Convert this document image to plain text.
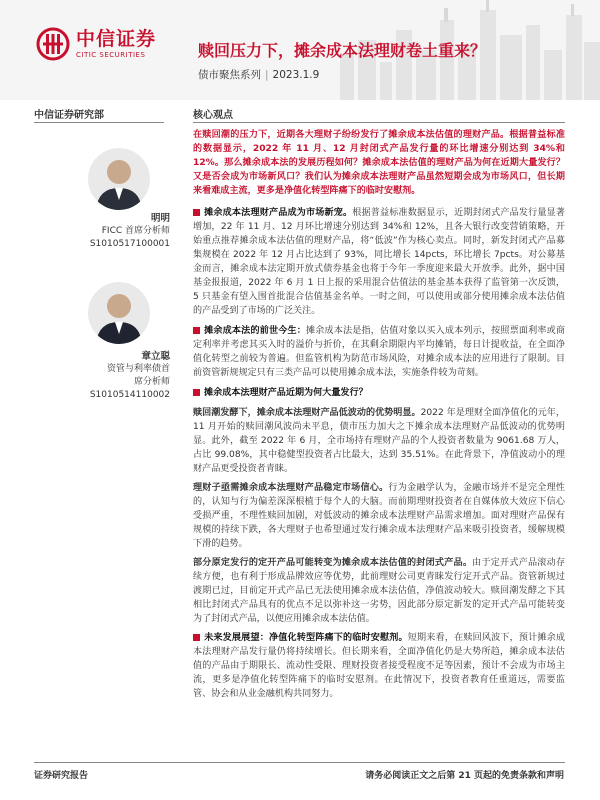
中信证券
CITIC SECURITIES	赎回压力下，摊余成本法理财卷土重来？
债市聚焦系列 | 2023.1.9
中信证券研究部
明明
FICC 首席分析师
S1010517100001
章立聪
资管与利率债首席分析师
S1010514110002
核心观点

在赎回潮的压力下，近期各大理财子纷纷发行了摊余成本法估值的理财产品。根据普益标准的数据显示，2022 年 11 月、12 月封闭式产品发行量的环比增速分别达到 34%和 12%。那么摊余成本法的发展历程如何？摊余成本法估值的理财产品为何在近期大量发行？又是否会成为市场新风口？我们认为摊余成本法理财产品虽然短期会成为市场风口，但长期来看难成主流，更多是净值化转型阵痛下的临时安慰剂。

摊余成本法理财产品成为市场新宠。根据普益标准数据显示，近期封闭式产品发行量显著增加，22 年 11 月、12 月环比增速分别达到 34%和 12%，且各大银行改变营销策略，开始重点推荐摊余成本法估值的理财产品，将“低波”作为核心卖点。同时，新发封闭式产品募集规模在 2022 年 12 月占比达到了 93%，同比增长 14pcts，环比增长 7pcts。对公募基金而言，摊余成本法定期开放式债券基金也将于今年一季度迎来最大开放季。此外，据中国基金报报道，2022 年 6 月 1 日上报的采用混合估值法的基金基本获得了监管第一次反馈，5 只基金有望入围首批混合估值基金名单。一时之间，可以使用或部分使用摊余成本法估值的产品受到了市场的广泛关注。

摊余成本法的前世今生：摊余成本法是指，估值对象以买入成本列示，按照票面利率或商定利率并考虑其买入时的溢价与折价，在其剩余期限内平均摊销，每日计提收益，在全面净值化转型之前较为普遍。但监管机构为防范市场风险，对摊余成本法的应用进行了限制。目前资管新规规定只有三类产品可以使用摊余成本法，实施条件较为苛刻。

摊余成本法理财产品近期为何大量发行？

赎回潮发酵下，摊余成本法理财产品低波动的优势明显。2022 年是理财全面净值化的元年，11 月开始的赎回潮风波尚未平息，债市压力加大之下摊余成本法理财产品低波动的优势明显。此外，截至 2022 年 6 月，全市场持有理财产品的个人投资者数量为 9061.68 万人，占比 99.08%，其中稳健型投资者占比最大，达到 35.51%。在此背景下，净值波动小的理财产品更受投资者青睐。

理财子亟需摊余成本法理财产品稳定市场信心。行为金融学认为，金融市场并不是完全理性的，认知与行为偏差深深根植于每个人的大脑。而前期理财投资者在自媒体放大效应下信心受损严重，不理性赎回加剧，对低波动的摊余成本法理财产品需求增加。面对理财产品保有规模的持续下跌，各大理财子也希望通过发行摊余成本法理财产品来吸引投资者，缓解规模下滑的趋势。

部分原定发行的定开产品可能转变为摊余成本法估值的封闭式产品。由于定开式产品滚动存续方便，也有利于形成品牌效应等优势，此前理财公司更青睐发行定开式产品。资管新规过渡期已过，目前定开式产品已无法使用摊余成本法估值，净值波动较大。赎回潮发酵之下其相比封闭式产品具有的优点不足以弥补这一劣势，因此部分原定新发的定开式产品可能转变为了封闭式产品，以便应用摊余成本法估值。

未来发展展望：净值化转型阵痛下的临时安慰剂。短期来看，在赎回风波下，预计摊余成本法理财产品发行量仍将持续增长。但长期来看，全面净值化仍是大势所趋，摊余成本法估值的产品由于期限长、流动性受限、理财投资者接受程度不足等因素，预计不会成为市场主流，更多是净值化转型阵痛下的临时安慰剂。在此情况下，投资者教育任重道远，需要监管、协会和从业金融机构共同努力。

证券研究报告	请务必阅读正文之后第 21 页起的免责条款和声明
